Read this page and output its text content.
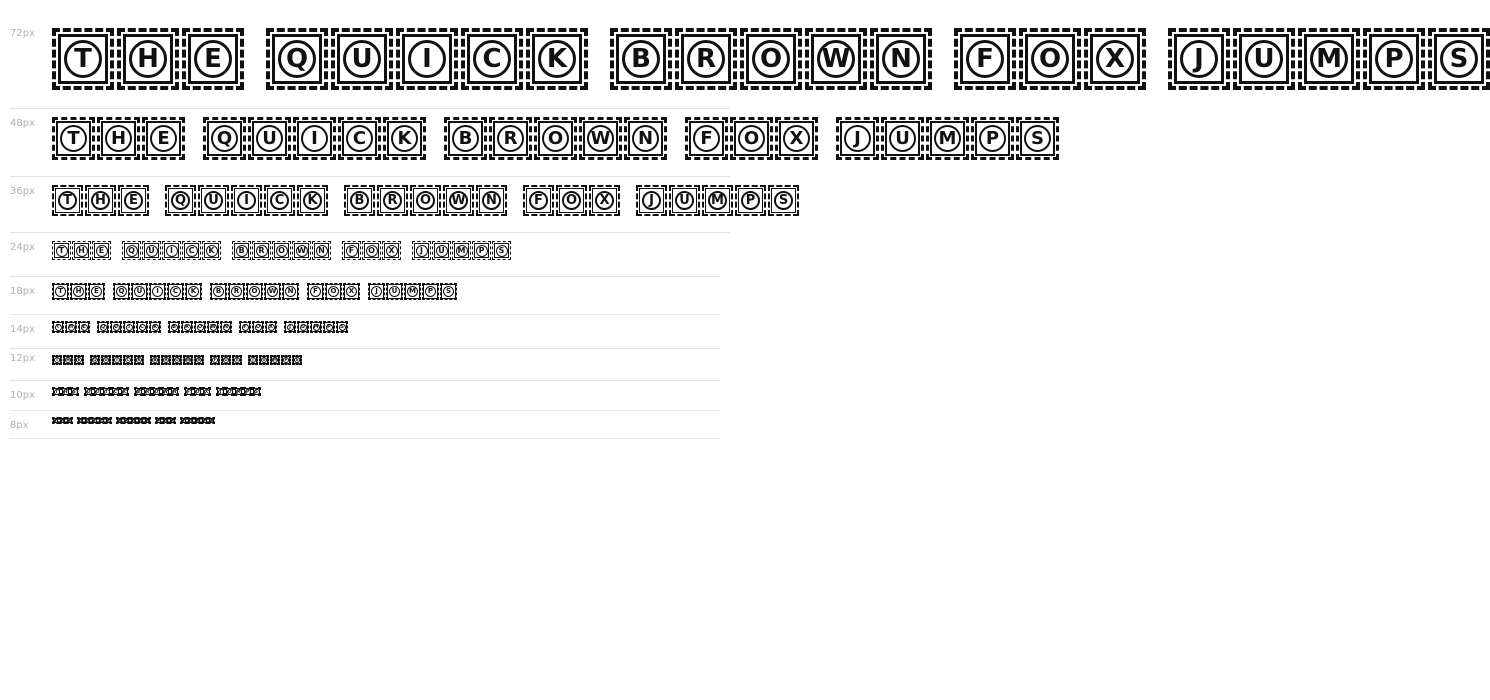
72px
T	H	E	Q	U	I	C	K	B	R	O	W	N	F	O	X	J	U	M	P	S
48px
T	H	E	Q	U	I	C	K	B	R	O	W	N	F	O	X	J	U	M	P	S
36px
T	H	E	Q	U	I	C	K	B	R	O	W	N	F	O	X	J	U	M	P	S
24px	T	H	E	Q	U	I	C	K	B	R	O	W	N	F	O	X	J	U	M	P	S
18px	T	H	E	Q	U	I	C	K	B	R	O	W	N	F	O	X	J	U	M	P	S
14px	T	H	E	Q U	I	C	K	B	R	O W N	F	O	X	J	U M	P	S
12px	T	H	E	Q	U	I	C	K	B	R	O	W	N	F	O	X	J	U	M	P	S
10px	T	H	E	Q	U	I	C	K	B	R	O	W	N	F	O	X	J	U	M	P	S
8px	T H E Q U	I	C K B R O W N F O X	J	U M P S
